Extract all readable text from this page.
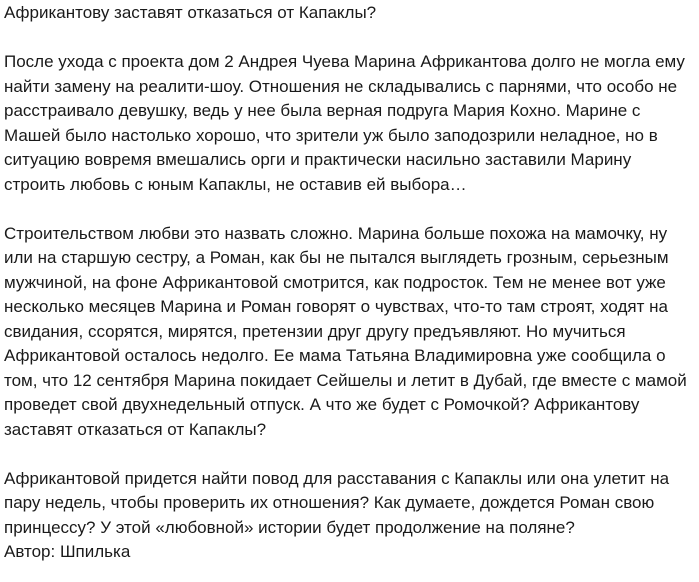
Африкантову заставят отказаться от Капаклы?

После ухода с проекта дом 2 Андрея Чуева Марина Африкантова долго не могла ему найти замену на реалити-шоу. Отношения не складывались с парнями, что особо не расстраивало девушку, ведь у нее была верная подруга Мария Кохно. Марине с Машей было настолько хорошо, что зрители уж было заподозрили неладное, но в ситуацию вовремя вмешались орги и практически насильно заставили Марину строить любовь с юным Капаклы, не оставив ей выбора…

Строительством любви это назвать сложно. Марина больше похожа на мамочку, ну или на старшую сестру, а Роман, как бы не пытался выглядеть грозным, серьезным мужчиной, на фоне Африкантовой смотрится, как подросток. Тем не менее вот уже несколько месяцев Марина и Роман говорят о чувствах, что-то там строят, ходят на свидания, ссорятся, мирятся, претензии друг другу предъявляют. Но мучиться Африкантовой осталось недолго. Ее мама Татьяна Владимировна уже сообщила о том, что 12 сентября Марина покидает Сейшелы и летит в Дубай, где вместе с мамой проведет свой двухнедельный отпуск. А что же будет с Ромочкой? Африкантову заставят отказаться от Капаклы?

Африкантовой придется найти повод для расставания с Капаклы или она улетит на пару недель, чтобы проверить их отношения? Как думаете, дождется Роман свою принцессу? У этой «любовной» истории будет продолжение на поляне?

Автор: Шпилька
